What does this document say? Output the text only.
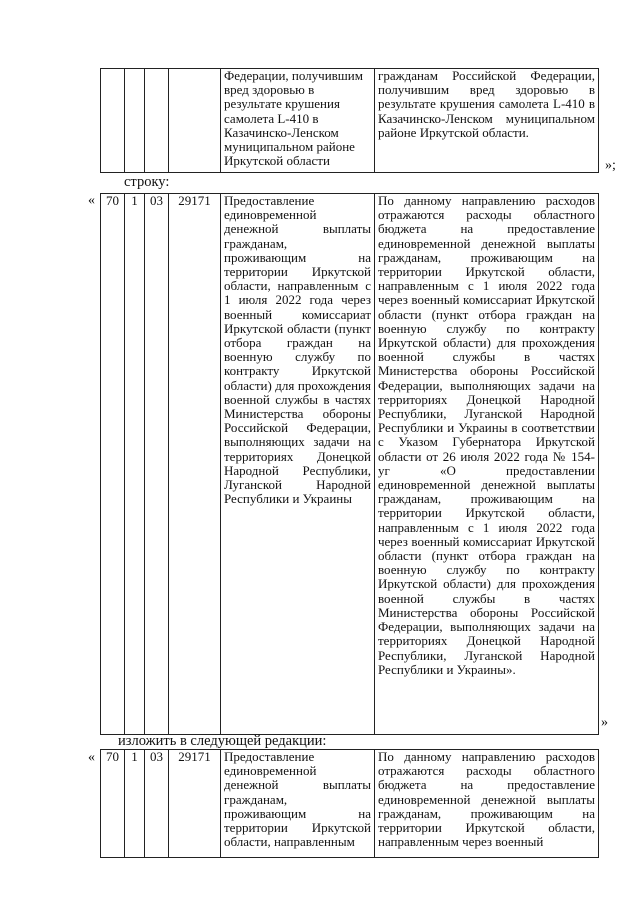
				Федерации, получившим
вред здоровью в
результате крушения
самолета L-410 в
Казачинско-Ленском
муниципальном районе
Иркутской области	гражданам Российской Федерации, получившим вред здоровью в результате крушения самолета L-410 в Казачинско-Ленском муниципальном районе Иркутской области.
»;
строку:
« 70	1	03	29171	Предоставление единовременной денежной выплаты гражданам, проживающим на территории Иркутской области, направленным с 1 июля 2022 года через военный комиссариат Иркутской области (пункт отбора граждан на военную службу по контракту Иркутской области) для прохождения военной службы в частях Министерства обороны Российской Федерации, выполняющих задачи на территориях Донецкой Народной Республики, Луганской Народной Республики и Украины	По данному направлению расходов отражаются расходы областного бюджета на предоставление единовременной денежной выплаты гражданам, проживающим на территории Иркутской области, направленным с 1 июля 2022 года через военный комиссариат Иркутской области (пункт отбора граждан на военную службу по контракту Иркутской области) для прохождения военной службы в частях Министерства обороны Российской Федерации, выполняющих задачи на территориях Донецкой Народной Республики, Луганской Народной Республики и Украины в соответствии с Указом Губернатора Иркутской области от 26 июля 2022 года № 154-уг «О предоставлении единовременной денежной выплаты гражданам, проживающим на территории Иркутской области, направленным с 1 июля 2022 года через военный комиссариат Иркутской области (пункт отбора граждан на военную службу по контракту Иркутской области) для прохождения военной службы в частях Министерства обороны Российской Федерации, выполняющих задачи на территориях Донецкой Народной Республики, Луганской Народной Республики и Украины».
»
изложить в следующей редакции:
« 70	1	03	29171	Предоставление единовременной денежной выплаты гражданам, проживающим на территории Иркутской области, направленным	По данному направлению расходов отражаются расходы областного бюджета на предоставление единовременной денежной выплаты гражданам, проживающим на территории Иркутской области, направленным через военный
